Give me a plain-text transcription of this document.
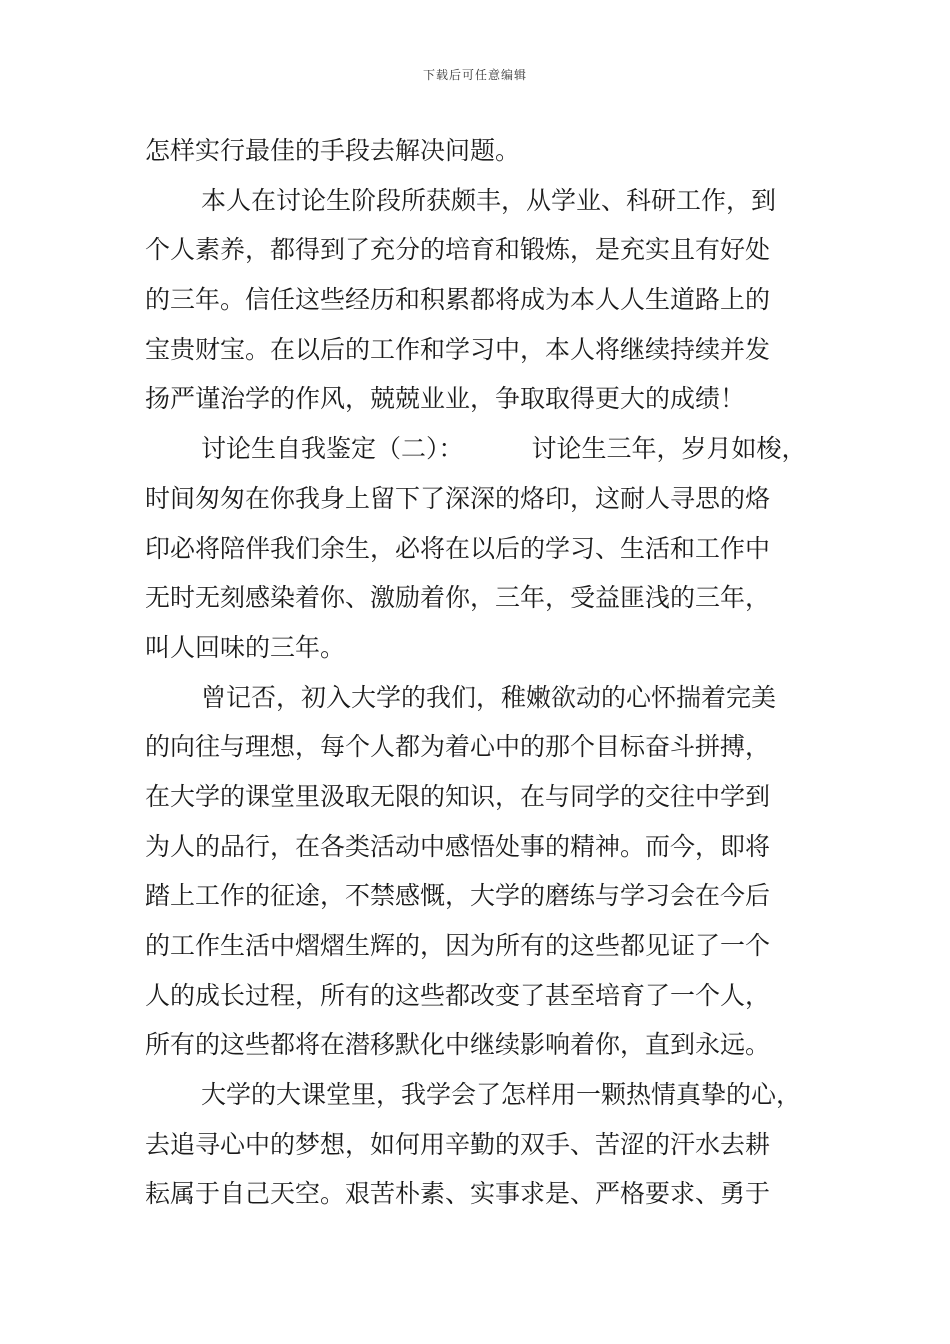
下载后可任意编辑
怎样实行最佳的手段去解决问题。
本人在讨论生阶段所获颇丰，从学业、科研工作，到
个人素养，都得到了充分的培育和锻炼，是充实且有好处
的三年。信任这些经历和积累都将成为本人人生道路上的
宝贵财宝。在以后的工作和学习中，本人将继续持续并发
扬严谨治学的作风，兢兢业业，争取取得更大的成绩！
讨论生自我鉴定（二）：	讨论生三年，岁月如梭，
时间匆匆在你我身上留下了深深的烙印，这耐人寻思的烙
印必将陪伴我们余生，必将在以后的学习、生活和工作中
无时无刻感染着你、激励着你，三年，受益匪浅的三年，
叫人回味的三年。
曾记否，初入大学的我们，稚嫩欲动的心怀揣着完美
的向往与理想，每个人都为着心中的那个目标奋斗拼搏，
在大学的课堂里汲取无限的知识，在与同学的交往中学到
为人的品行，在各类活动中感悟处事的精神。而今，即将
踏上工作的征途，不禁感慨，大学的磨练与学习会在今后
的工作生活中熠熠生辉的，因为所有的这些都见证了一个
人的成长过程，所有的这些都改变了甚至培育了一个人，
所有的这些都将在潜移默化中继续影响着你，直到永远。
大学的大课堂里，我学会了怎样用一颗热情真挚的心，
去追寻心中的梦想，如何用辛勤的双手、苦涩的汗水去耕
耘属于自己天空。艰苦朴素、实事求是、严格要求、勇于
